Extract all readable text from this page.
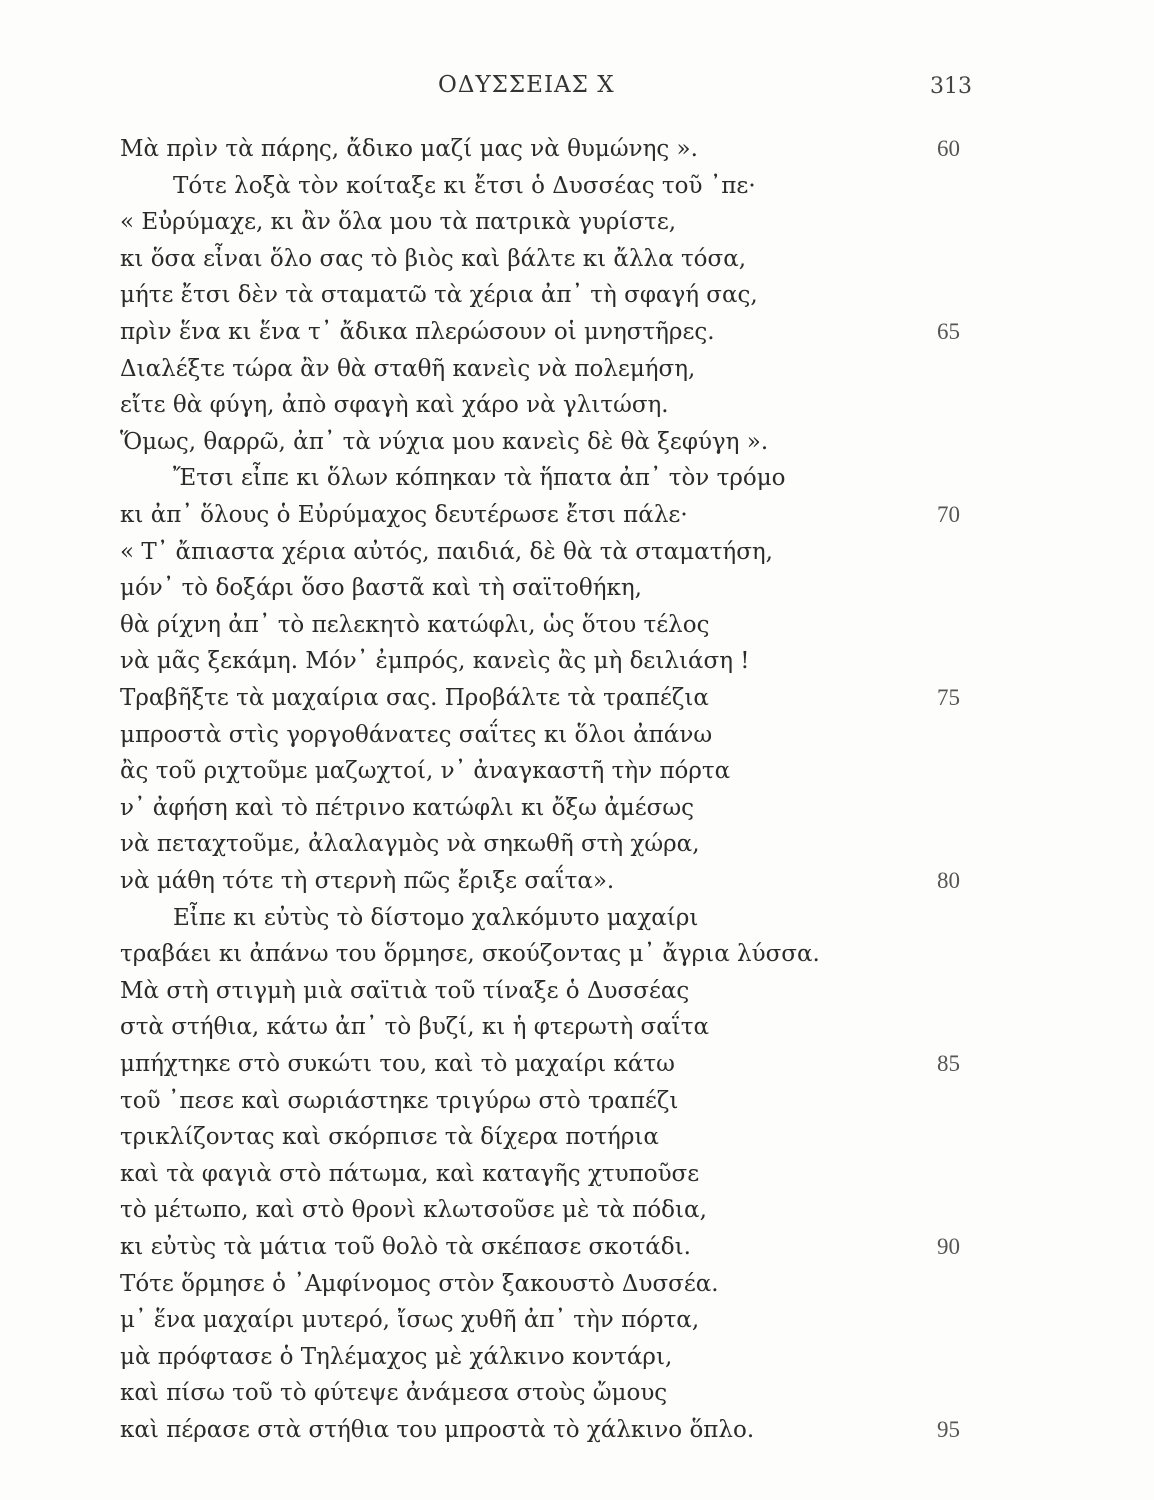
ΟΔΥΣΣΕΙΑΣ Χ	313
Μὰ πρὶν τὰ πάρης, ἄδικο μαζί μας νὰ θυμώνης ».	60
Τότε λοξὰ τὸν κοίταξε κι ἔτσι ὁ Δυσσέας τοῦ ᾿πε·
« Εὐρύμαχε, κι ἂν ὅλα μου τὰ πατρικὰ γυρίστε,
κι ὅσα εἶναι ὅλο σας τὸ βιὸς καὶ βάλτε κι ἄλλα τόσα,
μήτε ἔτσι δὲν τὰ σταματῶ τὰ χέρια ἀπ᾿ τὴ σφαγή σας,
πρὶν ἕνα κι ἕνα τ᾿ ἄδικα πλερώσουν οἱ μνηστῆρες.	65
Διαλέξτε τώρα ἂν θὰ σταθῆ κανεὶς νὰ πολεμήση,
εἴτε θὰ φύγη, ἀπὸ σφαγὴ καὶ χάρο νὰ γλιτώση.
Ὅμως, θαρρῶ, ἀπ᾿ τὰ νύχια μου κανεὶς δὲ θὰ ξεφύγη ».
Ἔτσι εἶπε κι ὅλων κόπηκαν τὰ ἥπατα ἀπ᾿ τὸν τρόμο
κι ἀπ᾿ ὅλους ὁ Εὐρύμαχος δευτέρωσε ἔτσι πάλε·	70
« Τ᾿ ἄπιαστα χέρια αὐτός, παιδιά, δὲ θὰ τὰ σταματήση,
μόν᾿ τὸ δοξάρι ὅσο βαστᾶ καὶ τὴ σαϊτοθήκη,
θὰ ρίχνη ἀπ᾿ τὸ πελεκητὸ κατώφλι, ὡς ὅτου τέλος
νὰ μᾶς ξεκάμη. Μόν᾿ ἐμπρός, κανεὶς ἂς μὴ δειλιάση !
Τραβῆξτε τὰ μαχαίρια σας. Προβάλτε τὰ τραπέζια	75
μπροστὰ στὶς γοργοθάνατες σαΐτες κι ὅλοι ἀπάνω
ἂς τοῦ ριχτοῦμε μαζωχτοί, ν᾿ ἀναγκαστῆ τὴν πόρτα
ν᾿ ἀφήση καὶ τὸ πέτρινο κατώφλι κι ὄξω ἀμέσως
νὰ πεταχτοῦμε, ἀλαλαγμὸς νὰ σηκωθῆ στὴ χώρα,
νὰ μάθη τότε τὴ στερνὴ πῶς ἔριξε σαΐτα».	80
Εἶπε κι εὐτὺς τὸ δίστομο χαλκόμυτο μαχαίρι
τραβάει κι ἀπάνω του ὅρμησε, σκούζοντας μ᾿ ἄγρια λύσσα.
Μὰ στὴ στιγμὴ μιὰ σαϊτιὰ τοῦ τίναξε ὁ Δυσσέας
στὰ στήθια, κάτω ἀπ᾿ τὸ βυζί, κι ἡ φτερωτὴ σαΐτα
μπήχτηκε στὸ συκώτι του, καὶ τὸ μαχαίρι κάτω	85
τοῦ ᾿πεσε καὶ σωριάστηκε τριγύρω στὸ τραπέζι
τρικλίζοντας καὶ σκόρπισε τὰ δίχερα ποτήρια
καὶ τὰ φαγιὰ στὸ πάτωμα, καὶ καταγῆς χτυποῦσε
τὸ μέτωπο, καὶ στὸ θρονὶ κλωτσοῦσε μὲ τὰ πόδια,
κι εὐτὺς τὰ μάτια τοῦ θολὸ τὰ σκέπασε σκοτάδι.	90
Τότε ὅρμησε ὁ ᾿Αμφίνομος στὸν ξακουστὸ Δυσσέα.
μ᾿ ἕνα μαχαίρι μυτερό, ἴσως χυθῆ ἀπ᾿ τὴν πόρτα,
μὰ πρόφτασε ὁ Τηλέμαχος μὲ χάλκινο κοντάρι,
καὶ πίσω τοῦ τὸ φύτεψε ἀνάμεσα στοὺς ὤμους
καὶ πέρασε στὰ στήθια του μπροστὰ τὸ χάλκινο ὅπλο.	95
